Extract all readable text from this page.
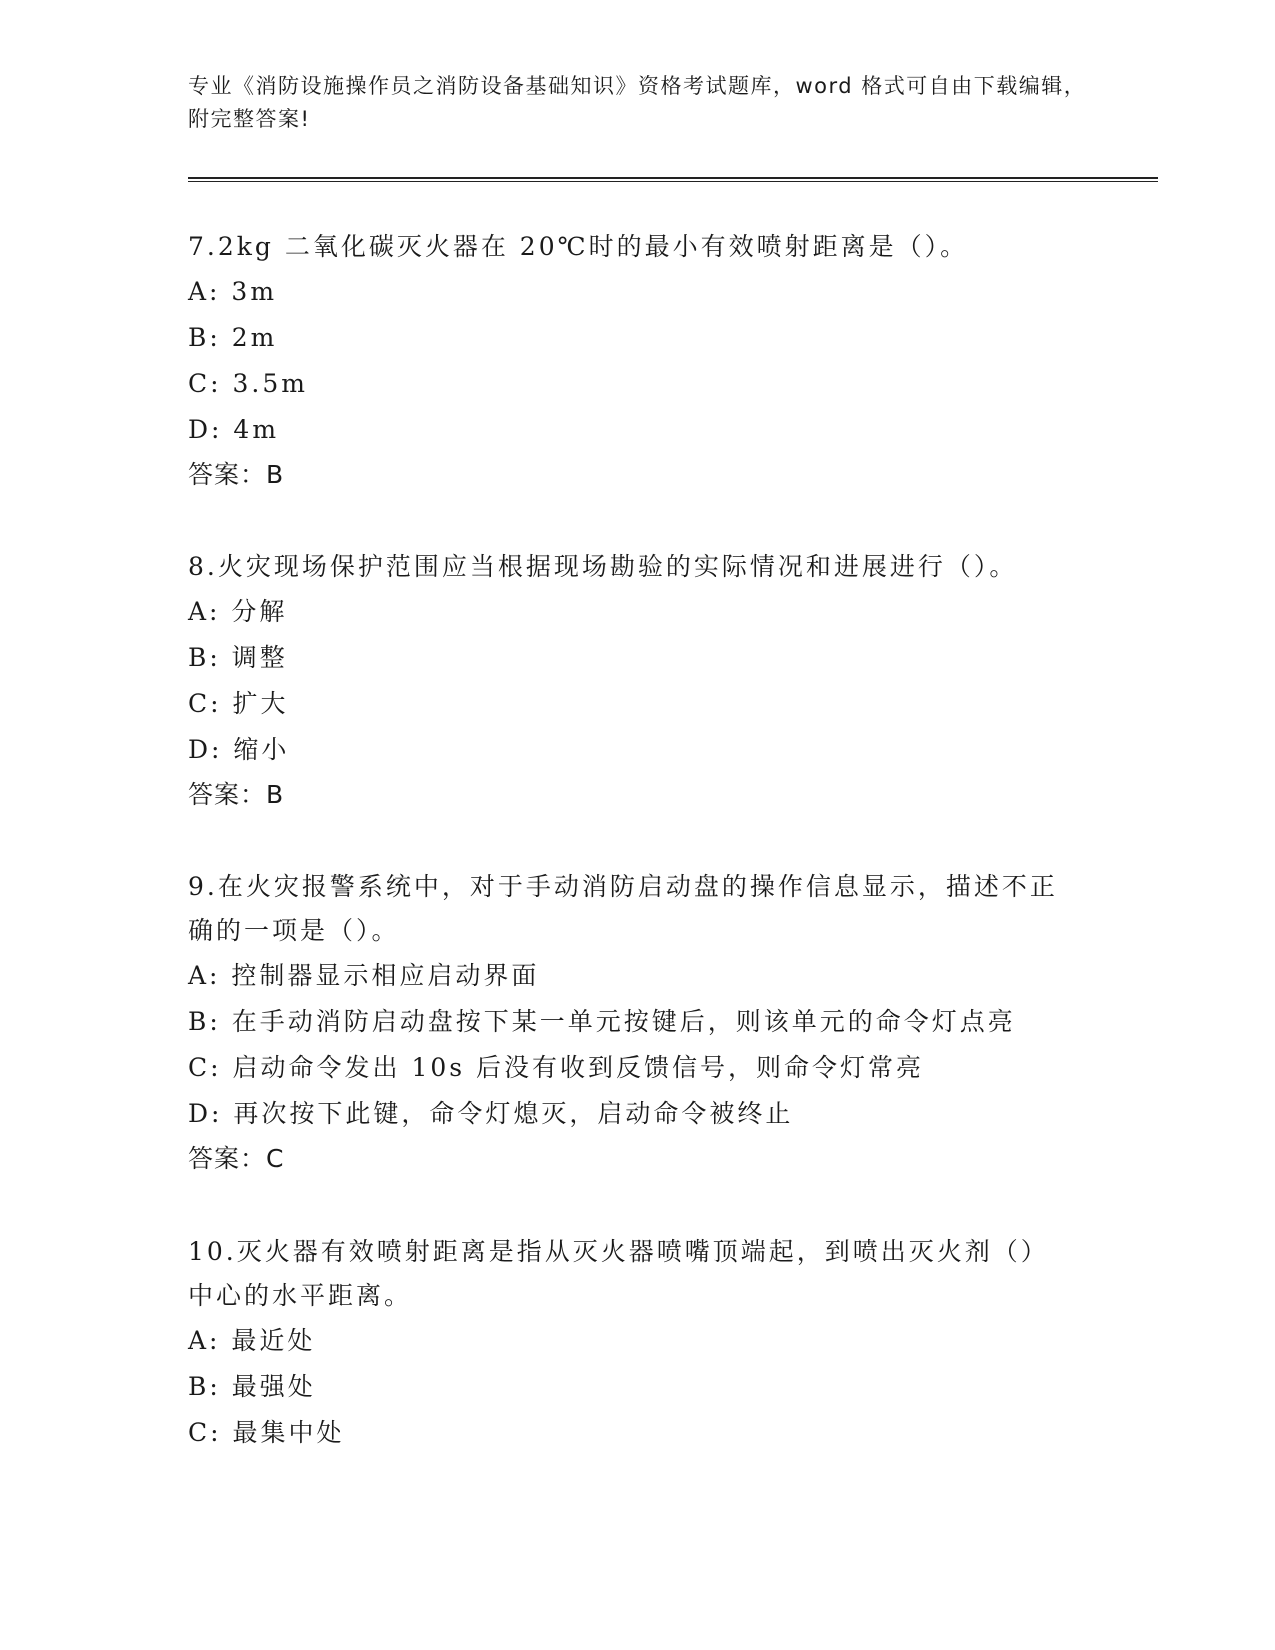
专业《消防设施操作员之消防设备基础知识》资格考试题库，word 格式可自由下载编辑，附完整答案!

7.2kg 二氧化碳灭火器在 20℃时的最小有效喷射距离是（）。

A: 3m

B: 2m

C: 3.5m

D: 4m

答案：B

8.火灾现场保护范围应当根据现场勘验的实际情况和进展进行（）。

A: 分解

B: 调整

C: 扩大

D: 缩小

答案：B

9.在火灾报警系统中，对于手动消防启动盘的操作信息显示，描述不正确的一项是（）。

A: 控制器显示相应启动界面

B: 在手动消防启动盘按下某一单元按键后，则该单元的命令灯点亮

C: 启动命令发出 10s 后没有收到反馈信号，则命令灯常亮

D: 再次按下此键，命令灯熄灭，启动命令被终止

答案：C

10.灭火器有效喷射距离是指从灭火器喷嘴顶端起，到喷出灭火剂（）中心的水平距离。

A: 最近处

B: 最强处

C: 最集中处
